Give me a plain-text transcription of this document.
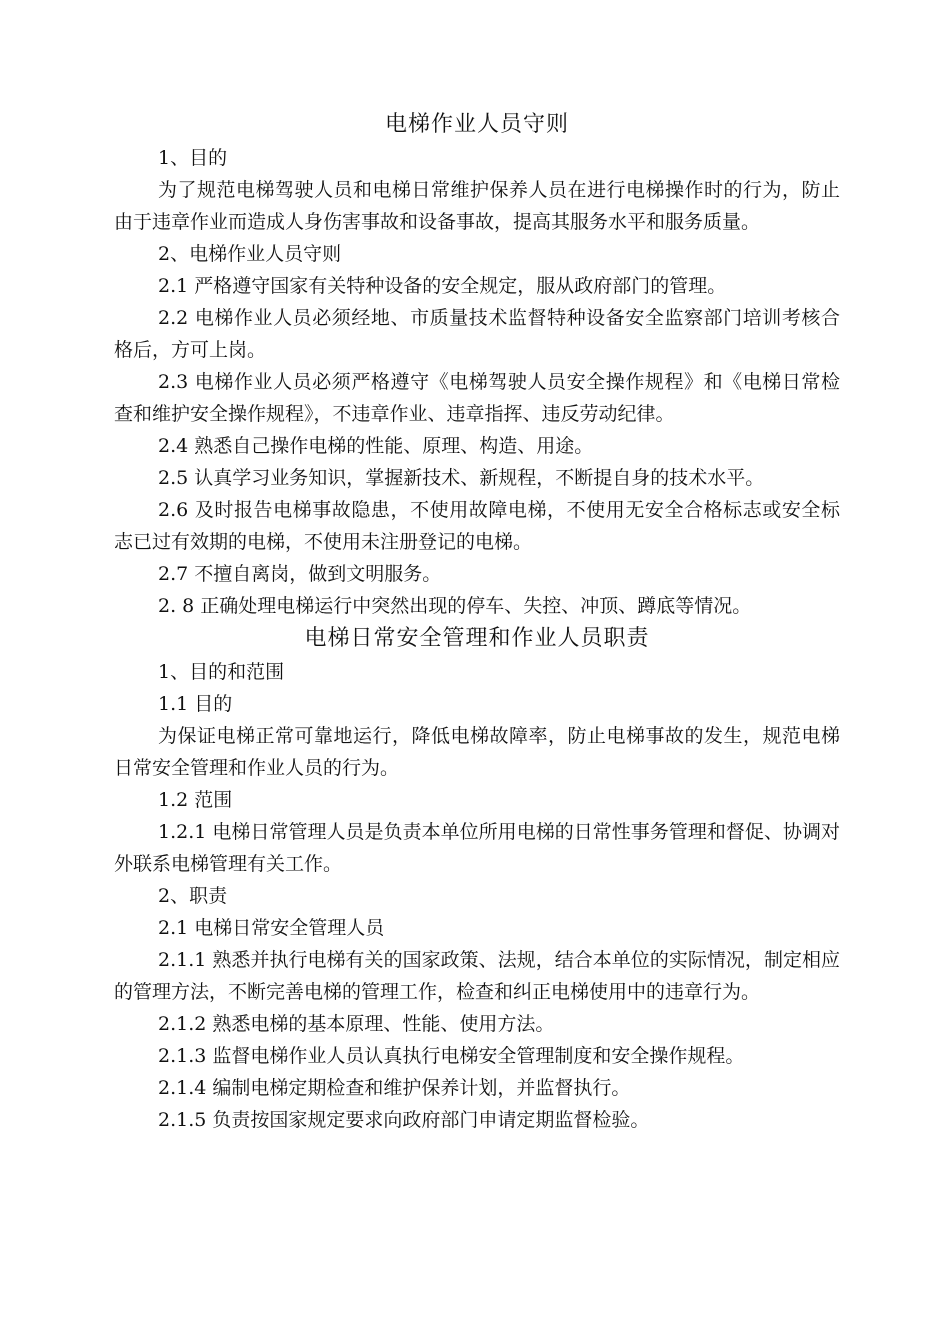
电梯作业人员守则

1、目的

为了规范电梯驾驶人员和电梯日常维护保养人员在进行电梯操作时的行为，防止由于违章作业而造成人身伤害事故和设备事故，提高其服务水平和服务质量。

2、电梯作业人员守则

2.1 严格遵守国家有关特种设备的安全规定，服从政府部门的管理。

2.2 电梯作业人员必须经地、市质量技术监督特种设备安全监察部门培训考核合格后，方可上岗。

2.3 电梯作业人员必须严格遵守《电梯驾驶人员安全操作规程》和《电梯日常检查和维护安全操作规程》，不违章作业、违章指挥、违反劳动纪律。

2.4 熟悉自己操作电梯的性能、原理、构造、用途。

2.5 认真学习业务知识，掌握新技术、新规程，不断提自身的技术水平。

2.6 及时报告电梯事故隐患，不使用故障电梯，不使用无安全合格标志或安全标志已过有效期的电梯，不使用未注册登记的电梯。

2.7 不擅自离岗，做到文明服务。

2. 8 正确处理电梯运行中突然出现的停车、失控、冲顶、蹲底等情况。

电梯日常安全管理和作业人员职责

1、目的和范围

1.1 目的

为保证电梯正常可靠地运行，降低电梯故障率，防止电梯事故的发生，规范电梯日常安全管理和作业人员的行为。

1.2 范围

1.2.1 电梯日常管理人员是负责本单位所用电梯的日常性事务管理和督促、协调对外联系电梯管理有关工作。

2、职责

2.1 电梯日常安全管理人员

2.1.1 熟悉并执行电梯有关的国家政策、法规，结合本单位的实际情况，制定相应的管理方法，不断完善电梯的管理工作，检查和纠正电梯使用中的违章行为。

2.1.2 熟悉电梯的基本原理、性能、使用方法。

2.1.3 监督电梯作业人员认真执行电梯安全管理制度和安全操作规程。

2.1.4 编制电梯定期检查和维护保养计划，并监督执行。

2.1.5 负责按国家规定要求向政府部门申请定期监督检验。
